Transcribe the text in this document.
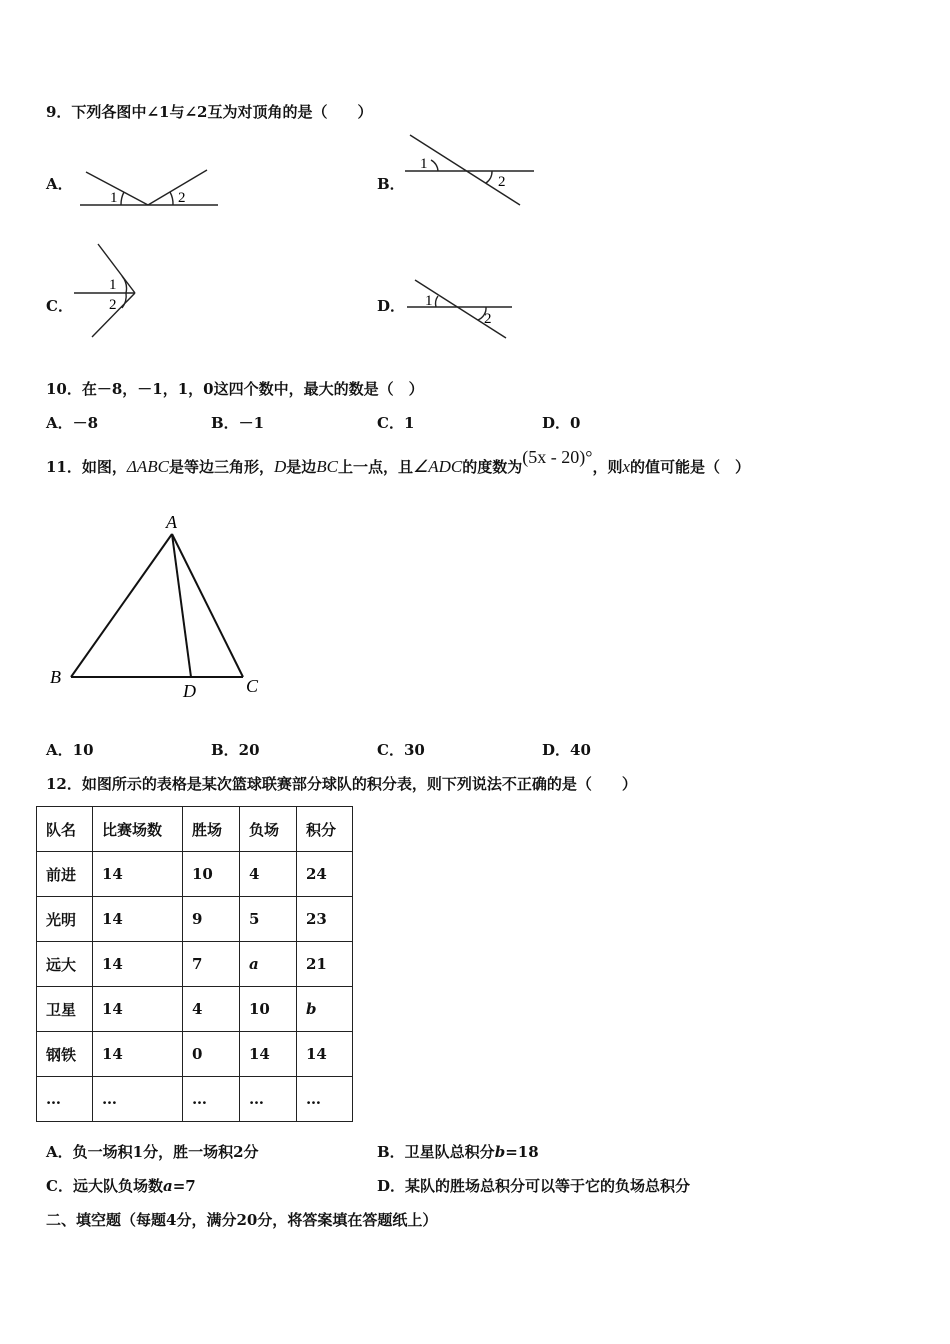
9．下列各图中∠1与∠2互为对顶角的是（　　）
A．
1	2
1
2
1
2	1
2
A
B	C
D
B．
C．	D．
10．在－8，－1，1，0这四个数中，最大的数是（　）
A．－8	B．－1	C．1	D．0
11．如图，ΔABC是等边三角形，D是边BC上一点，且∠ADC的度数为(5x - 20)°，则x的值可能是（　）
A．10	B．20	C．30	D．40
12．如图所示的表格是某次篮球联赛部分球队的积分表，则下列说法不正确的是（　　）
队名	比赛场数	胜场	负场	积分
前进	14	10	4	24
光明	14	9	5	23
远大	14	7	a	21
卫星	14	4	10	b
钢铁	14	0	14	14
…	…	…	…	…
A．负一场积1分，胜一场积2分	B．卫星队总积分b=18
C．远大队负场数a=7	D．某队的胜场总积分可以等于它的负场总积分
二、填空题（每题4分，满分20分，将答案填在答题纸上）
